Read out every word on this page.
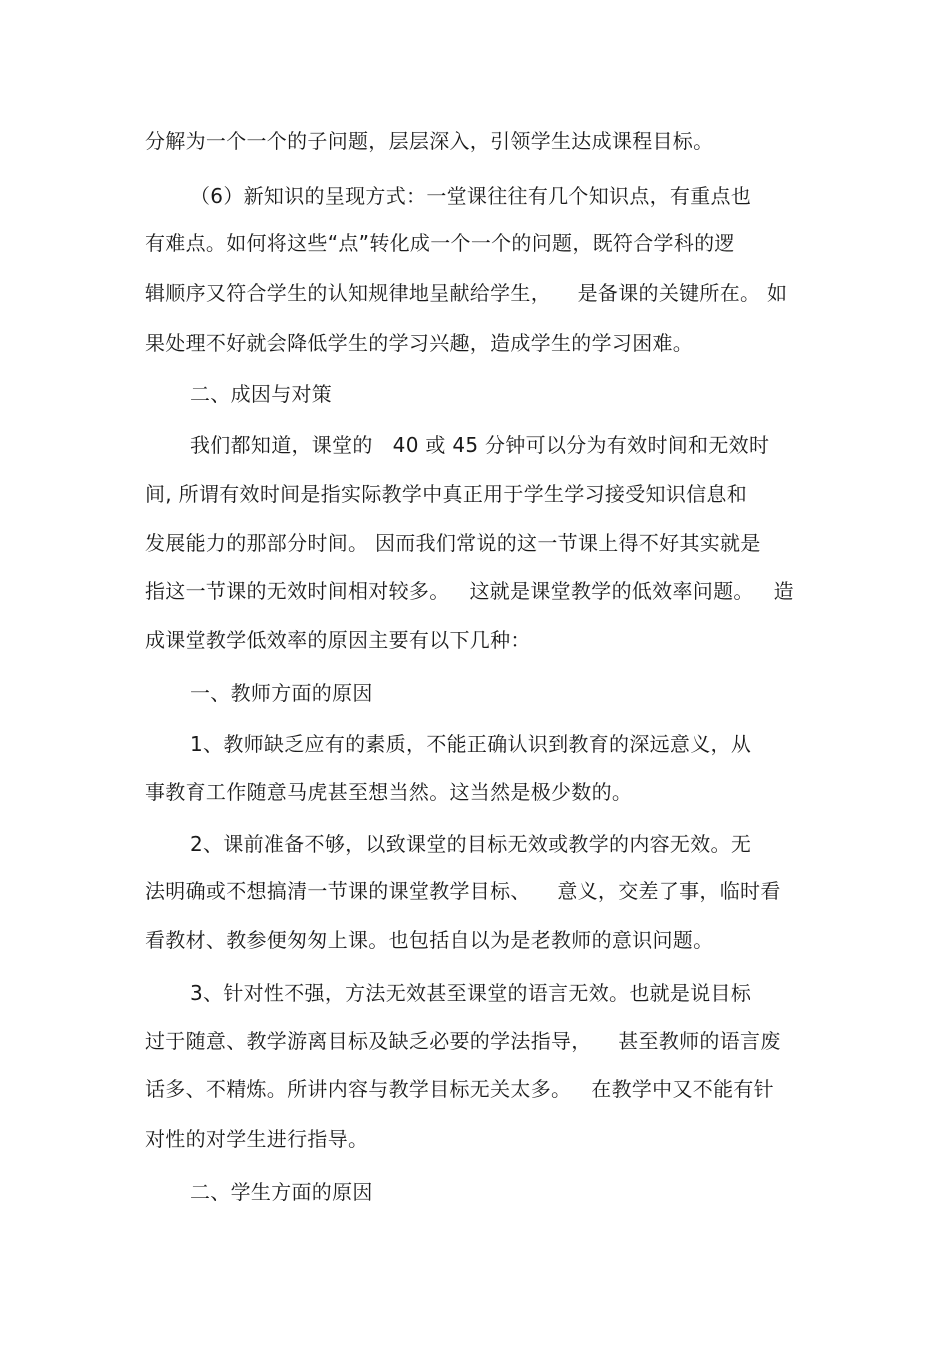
分解为一个一个的子问题，层层深入，引领学生达成课程目标。
（6）新知识的呈现方式：一堂课往往有几个知识点，有重点也
有难点。如何将这些“点”转化成一个一个的问题，既符合学科的逻
辑顺序又符合学生的认知规律地呈献给学生，    是备课的关键所在。 如
果处理不好就会降低学生的学习兴趣，造成学生的学习困难。
二、成因与对策
我们都知道，课堂的   40 或 45 分钟可以分为有效时间和无效时
间, 所谓有效时间是指实际教学中真正用于学生学习接受知识信息和
发展能力的那部分时间。 因而我们常说的这一节课上得不好其实就是
指这一节课的无效时间相对较多。   这就是课堂教学的低效率问题。   造
成课堂教学低效率的原因主要有以下几种：
一、教师方面的原因
1、教师缺乏应有的素质，不能正确认识到教育的深远意义，从
事教育工作随意马虎甚至想当然。这当然是极少数的。
2、课前准备不够，以致课堂的目标无效或教学的内容无效。无
法明确或不想搞清一节课的课堂教学目标、    意义，交差了事，临时看
看教材、教参便匆匆上课。也包括自以为是老教师的意识问题。
3、针对性不强，方法无效甚至课堂的语言无效。也就是说目标
过于随意、教学游离目标及缺乏必要的学法指导，    甚至教师的语言废
话多、不精炼。所讲内容与教学目标无关太多。   在教学中又不能有针
对性的对学生进行指导。
二、学生方面的原因
